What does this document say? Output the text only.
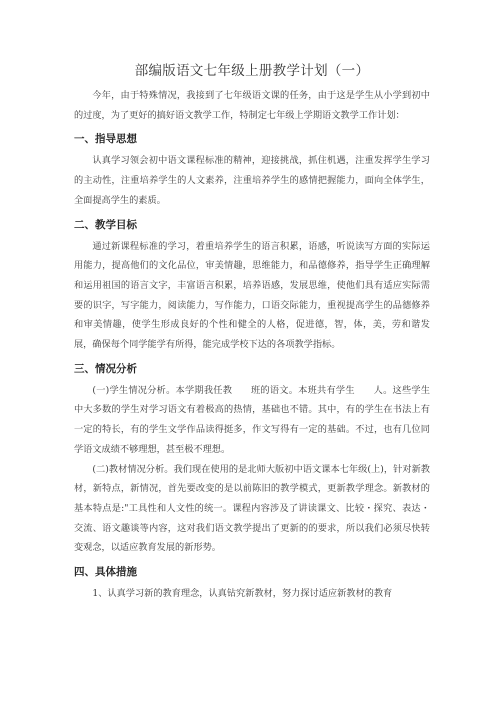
部编版语文七年级上册教学计划（一）

今年，由于特殊情况，我接到了七年级语文课的任务，由于这是学生从小学到初中的过度，为了更好的搞好语文教学工作，特制定七年级上学期语文教学工作计划：

一、指导思想

认真学习领会初中语文课程标准的精神，迎接挑战，抓住机遇，注重发挥学生学习的主动性，注重培养学生的人文素养，注重培养学生的感情把握能力，面向全体学生，全面提高学生的素质。

二、教学目标

通过新课程标准的学习，着重培养学生的语言积累，语感，听说读写方面的实际运用能力，提高他们的文化品位，审美情趣，思维能力，和品德修养，指导学生正确理解和运用祖国的语言文字，丰富语言积累，培养语感，发展思维，使他们具有适应实际需要的识字，写字能力，阅读能力，写作能力，口语交际能力，重视提高学生的品德修养和审美情趣，使学生形成良好的个性和健全的人格，促进德，智，体，美，劳和谐发展，确保每个同学能学有所得，能完成学校下达的各项教学指标。

三、情况分析

(一)学生情况分析。本学期我任教　　班的语文。本班共有学生　　人。这些学生中大多数的学生对学习语文有着极高的热情，基础也不错。其中，有的学生在书法上有一定的特长，有的学生文学作品读得挺多，作文写得有一定的基础。不过，也有几位同学语文成绩不够理想，甚至极不理想。

(二)教材情况分析。我们现在使用的是北师大版初中语文课本七年级(上)，针对新教材，新特点，新情况，首先要改变的是以前陈旧的教学模式，更新教学理念。新教材的基本特点是:"工具性和人文性的统一。课程内容涉及了讲读课文、比较・探究、表达・交流、语文趣谈等内容，这对我们语文教学提出了更新的的要求，所以我们必须尽快转变观念，以适应教育发展的新形势。

四、具体措施

1、认真学习新的教育理念，认真钻究新教材，努力探讨适应新教材的教育
